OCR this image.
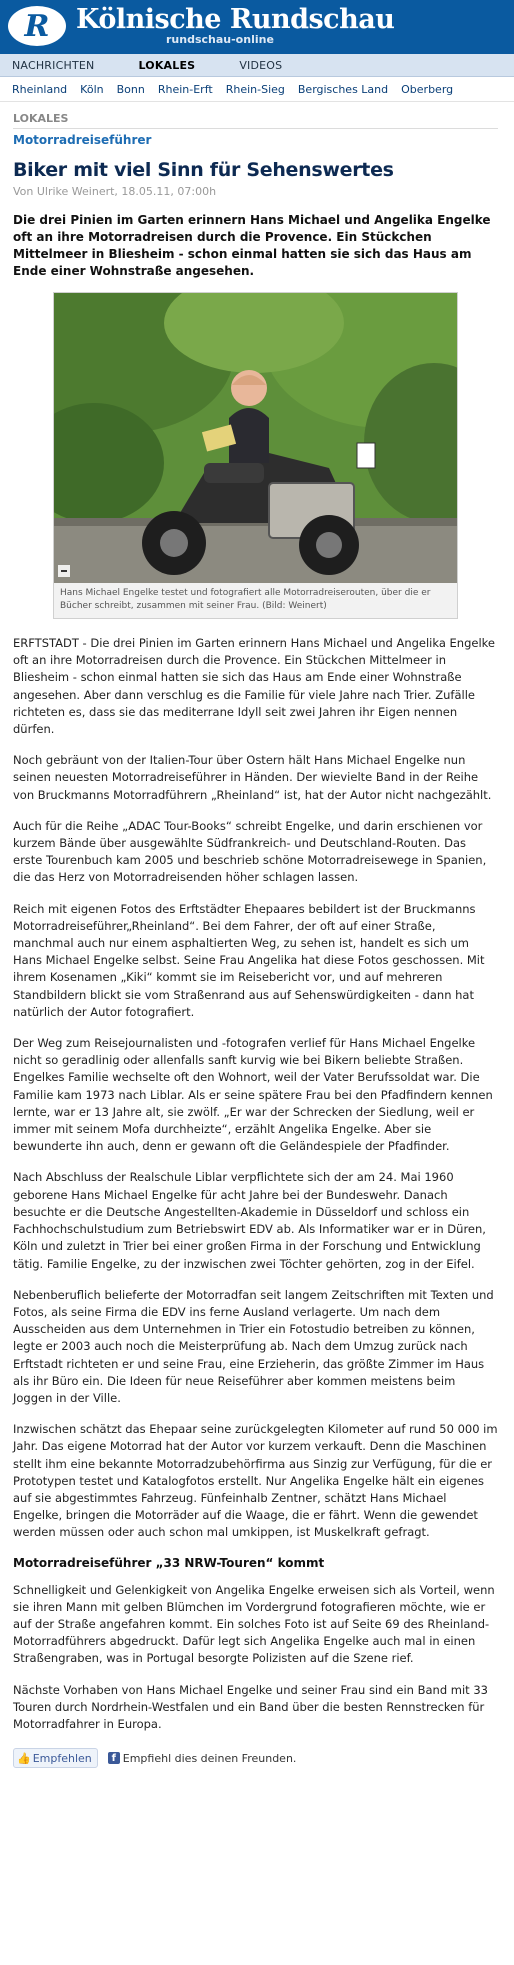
R Kölnische Rundschau
rundschau-online
NACHRICHTEN	LOKALES	VIDEOS
Rheinland Köln Bonn Rhein-Erft Rhein-Sieg Bergisches Land Oberberg
LOKALES
Motorradreiseführer
Biker mit viel Sinn für Sehenswertes
Von Ulrike Weinert, 18.05.11, 07:00h

Die drei Pinien im Garten erinnern Hans Michael und Angelika Engelke oft an ihre Motorradreisen durch die Provence. Ein Stückchen Mittelmeer in Bliesheim - schon einmal hatten sie sich das Haus am Ende einer Wohnstraße angesehen.

Hans Michael Engelke testet und fotografiert alle Motorradreiserouten, über die er Bücher schreibt, zusammen mit seiner Frau. (Bild: Weinert)

ERFTSTADT - Die drei Pinien im Garten erinnern Hans Michael und Angelika Engelke oft an ihre Motorradreisen durch die Provence. Ein Stückchen Mittelmeer in Bliesheim - schon einmal hatten sie sich das Haus am Ende einer Wohnstraße angesehen. Aber dann verschlug es die Familie für viele Jahre nach Trier. Zufälle richteten es, dass sie das mediterrane Idyll seit zwei Jahren ihr Eigen nennen dürfen.

Noch gebräunt von der Italien-Tour über Ostern hält Hans Michael Engelke nun seinen neuesten Motorradreiseführer in Händen. Der wievielte Band in der Reihe von Bruckmanns Motorradführern „Rheinland“ ist, hat der Autor nicht nachgezählt.

Auch für die Reihe „ADAC Tour-Books“ schreibt Engelke, und darin erschienen vor kurzem Bände über ausgewählte Südfrankreich- und Deutschland-Routen. Das erste Tourenbuch kam 2005 und beschrieb schöne Motorradreisewege in Spanien, die das Herz von Motorradreisenden höher schlagen lassen.

Reich mit eigenen Fotos des Erftstädter Ehepaares bebildert ist der Bruckmanns Motorradreiseführer„Rheinland“. Bei dem Fahrer, der oft auf einer Straße, manchmal auch nur einem asphaltierten Weg, zu sehen ist, handelt es sich um Hans Michael Engelke selbst. Seine Frau Angelika hat diese Fotos geschossen. Mit ihrem Kosenamen „Kiki“ kommt sie im Reisebericht vor, und auf mehreren Standbildern blickt sie vom Straßenrand aus auf Sehenswürdigkeiten - dann hat natürlich der Autor fotografiert.

Der Weg zum Reisejournalisten und -fotografen verlief für Hans Michael Engelke nicht so geradlinig oder allenfalls sanft kurvig wie bei Bikern beliebte Straßen. Engelkes Familie wechselte oft den Wohnort, weil der Vater Berufssoldat war. Die Familie kam 1973 nach Liblar. Als er seine spätere Frau bei den Pfadfindern kennen lernte, war er 13 Jahre alt, sie zwölf. „Er war der Schrecken der Siedlung, weil er immer mit seinem Mofa durchheizte“, erzählt Angelika Engelke. Aber sie bewunderte ihn auch, denn er gewann oft die Geländespiele der Pfadfinder.

Nach Abschluss der Realschule Liblar verpflichtete sich der am 24. Mai 1960 geborene Hans Michael Engelke für acht Jahre bei der Bundeswehr. Danach besuchte er die Deutsche Angestellten-Akademie in Düsseldorf und schloss ein Fachhochschulstudium zum Betriebswirt EDV ab. Als Informatiker war er in Düren, Köln und zuletzt in Trier bei einer großen Firma in der Forschung und Entwicklung tätig. Familie Engelke, zu der inzwischen zwei Töchter gehörten, zog in der Eifel.

Nebenberuflich belieferte der Motorradfan seit langem Zeitschriften mit Texten und Fotos, als seine Firma die EDV ins ferne Ausland verlagerte. Um nach dem Ausscheiden aus dem Unternehmen in Trier ein Fotostudio betreiben zu können, legte er 2003 auch noch die Meisterprüfung ab. Nach dem Umzug zurück nach Erftstadt richteten er und seine Frau, eine Erzieherin, das größte Zimmer im Haus als ihr Büro ein. Die Ideen für neue Reiseführer aber kommen meistens beim Joggen in der Ville.

Inzwischen schätzt das Ehepaar seine zurückgelegten Kilometer auf rund 50 000 im Jahr. Das eigene Motorrad hat der Autor vor kurzem verkauft. Denn die Maschinen stellt ihm eine bekannte Motorradzubehörfirma aus Sinzig zur Verfügung, für die er Prototypen testet und Katalogfotos erstellt. Nur Angelika Engelke hält ein eigenes auf sie abgestimmtes Fahrzeug. Fünfeinhalb Zentner, schätzt Hans Michael Engelke, bringen die Motorräder auf die Waage, die er fährt. Wenn die gewendet werden müssen oder auch schon mal umkippen, ist Muskelkraft gefragt.

Motorradreiseführer „33 NRW-Touren“ kommt

Schnelligkeit und Gelenkigkeit von Angelika Engelke erweisen sich als Vorteil, wenn sie ihren Mann mit gelben Blümchen im Vordergrund fotografieren möchte, wie er auf der Straße angefahren kommt. Ein solches Foto ist auf Seite 69 des Rheinland-Motorradführers abgedruckt. Dafür legt sich Angelika Engelke auch mal in einen Straßengraben, was in Portugal besorgte Polizisten auf die Szene rief.

Nächste Vorhaben von Hans Michael Engelke und seiner Frau sind ein Band mit 33 Touren durch Nordrhein-Westfalen und ein Band über die besten Rennstrecken für Motorradfahrer in Europa.

👍 Empfehlen	f Empfiehl dies deinen Freunden.
